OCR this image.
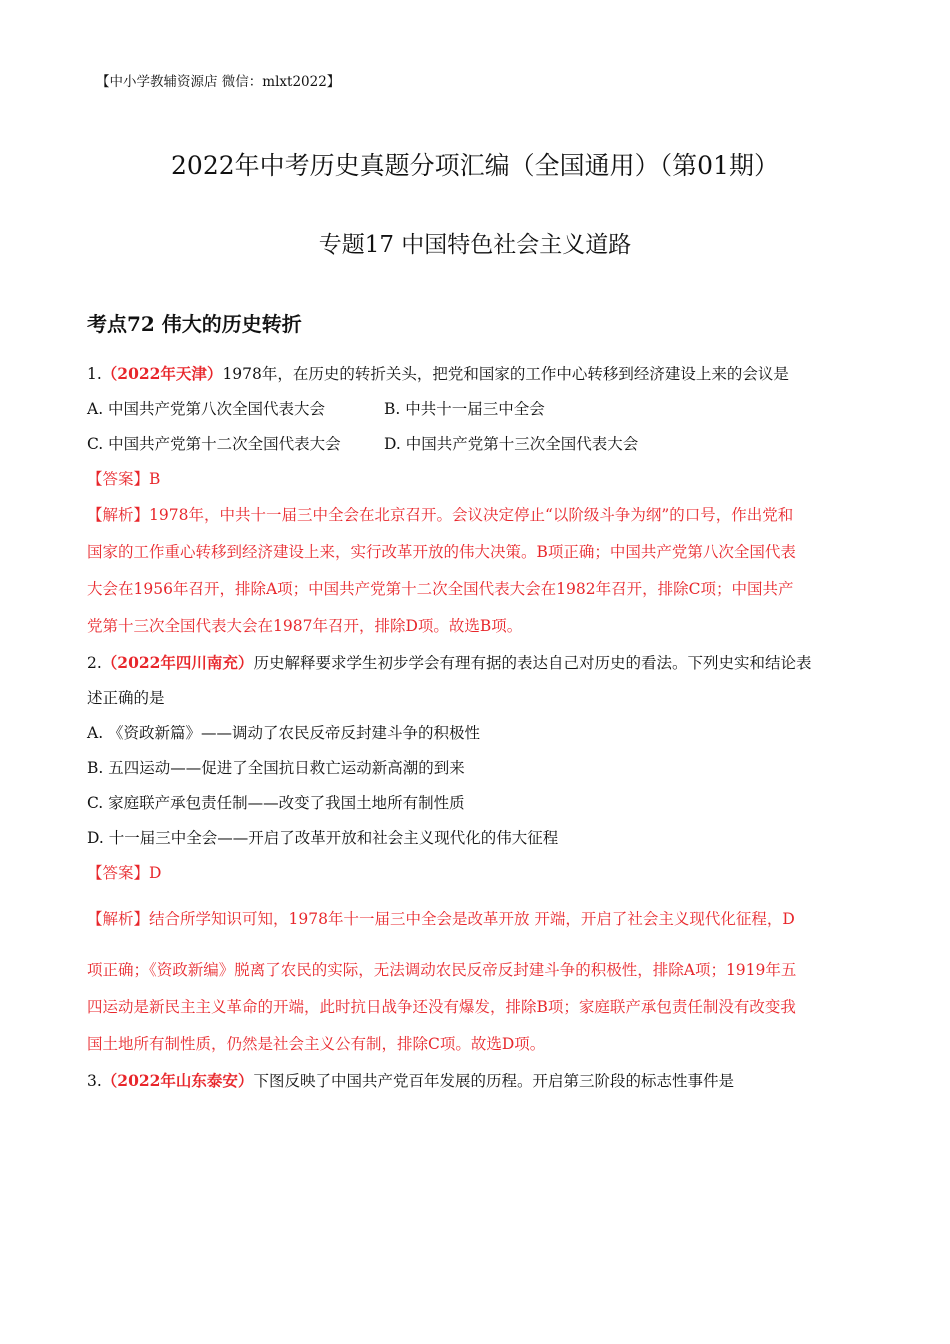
【中小学教辅资源店 微信：mlxt2022】
2022年中考历史真题分项汇编（全国通用）（第01期）
专题17 中国特色社会主义道路
考点72 伟大的历史转折
1.（2022年天津）1978年，在历史的转折关头，把党和国家的工作中心转移到经济建设上来的会议是
A. 中国共产党第八次全国代表大会	B. 中共十一届三中全会
C. 中国共产党第十二次全国代表大会	D. 中国共产党第十三次全国代表大会
【答案】B
【解析】1978年，中共十一届三中全会在北京召开。会议决定停止“以阶级斗争为纲”的口号，作出党和
国家的工作重心转移到经济建设上来，实行改革开放的伟大决策。B项正确；中国共产党第八次全国代表
大会在1956年召开，排除A项；中国共产党第十二次全国代表大会在1982年召开，排除C项；中国共产
党第十三次全国代表大会在1987年召开，排除D项。故选B项。
2.（2022年四川南充）历史解释要求学生初步学会有理有据的表达自己对历史的看法。下列史实和结论表
述正确的是
A. 《资政新篇》——调动了农民反帝反封建斗争的积极性
B. 五四运动——促进了全国抗日救亡运动新高潮的到来
C. 家庭联产承包责任制——改变了我国土地所有制性质
D. 十一届三中全会——开启了改革开放和社会主义现代化的伟大征程
【答案】D
【解析】结合所学知识可知，1978年十一届三中全会是改革开放 开端，开启了社会主义现代化征程，D
项正确；《资政新编》脱离了农民的实际，无法调动农民反帝反封建斗争的积极性，排除A项；1919年五
四运动是新民主主义革命的开端，此时抗日战争还没有爆发，排除B项；家庭联产承包责任制没有改变我
国土地所有制性质，仍然是社会主义公有制，排除C项。故选D项。
3.（2022年山东泰安）下图反映了中国共产党百年发展的历程。开启第三阶段的标志性事件是
